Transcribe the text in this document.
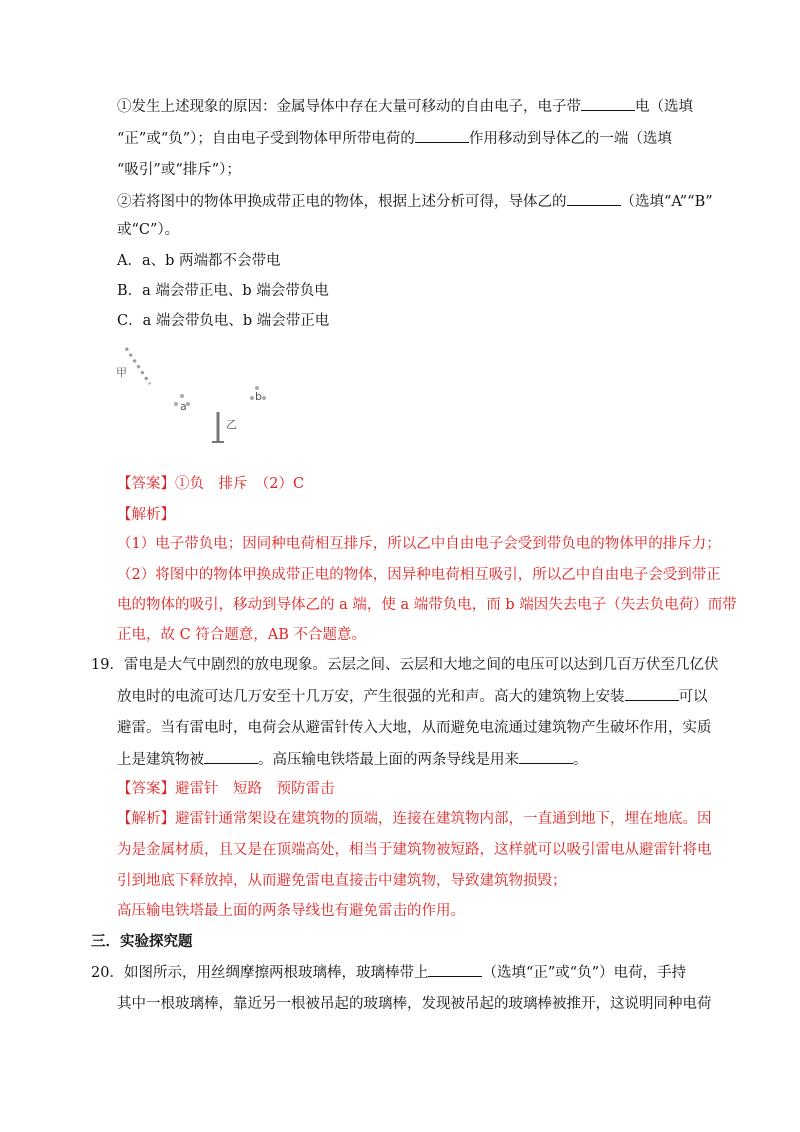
①发生上述现象的原因：金属导体中存在大量可移动的自由电子，电子带	电（选填
“正”或“负”）；自由电子受到物体甲所带电荷的	作用移动到导体乙的一端（选填
“吸引”或“排斥”）；
②若将图中的物体甲换成带正电的物体，根据上述分析可得，导体乙的	（选填“A”“B”
或“C”）。
A．a、b 两端都不会带电
B．a 端会带正电、b 端会带负电
C．a 端会带负电、b 端会带正电
甲
a
b
乙
【答案】①负　排斥　（2）C
【解析】
（1）电子带负电；因同种电荷相互排斥，所以乙中自由电子会受到带负电的物体甲的排斥力；
（2）将图中的物体甲换成带正电的物体，因异种电荷相互吸引，所以乙中自由电子会受到带正
电的物体的吸引，移动到导体乙的 a 端，使 a 端带负电，而 b 端因失去电子（失去负电荷）而带
正电，故 C 符合题意，AB 不合题意。
19．雷电是大气中剧烈的放电现象。云层之间、云层和大地之间的电压可以达到几百万伏至几亿伏
放电时的电流可达几万安至十几万安，产生很强的光和声。高大的建筑物上安装	可以
避雷。当有雷电时，电荷会从避雷针传入大地，从而避免电流通过建筑物产生破坏作用，实质
上是建筑物被	。高压输电铁塔最上面的两条导线是用来	。
【答案】避雷针　短路　预防雷击
【解析】避雷针通常架设在建筑物的顶端，连接在建筑物内部，一直通到地下，埋在地底。因
为是金属材质，且又是在顶端高处，相当于建筑物被短路，这样就可以吸引雷电从避雷针将电
引到地底下释放掉，从而避免雷电直接击中建筑物，导致建筑物损毁；
高压输电铁塔最上面的两条导线也有避免雷击的作用。
三．实验探究题
20．如图所示，用丝绸摩擦两根玻璃棒，玻璃棒带上	（选填“正”或“负”）电荷，手持
其中一根玻璃棒，靠近另一根被吊起的玻璃棒，发现被吊起的玻璃棒被推开，这说明同种电荷
